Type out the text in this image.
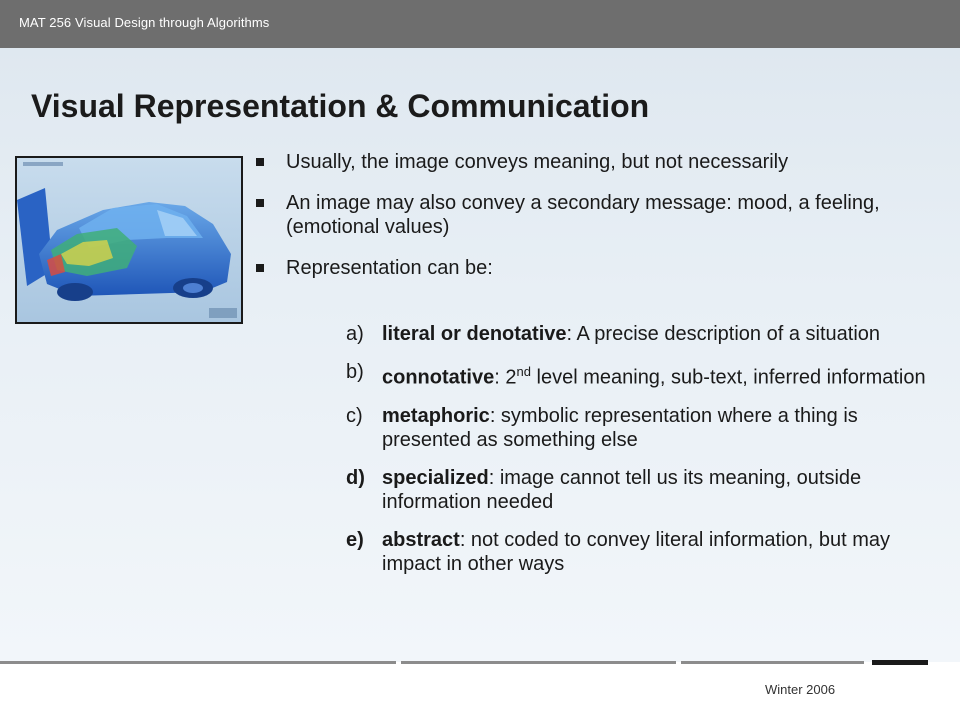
MAT 256 Visual Design through Algorithms
Visual Representation & Communication
Usually, the image conveys meaning, but not necessarily
An image may also convey a secondary message: mood, a feeling, (emotional values)
Representation can be:
a) literal or denotative: A precise description of a situation
b) connotative: 2nd level meaning, sub-text, inferred information
c) metaphoric: symbolic representation where a thing is presented as something else
d) specialized: image cannot tell us its meaning, outside information needed
e) abstract: not coded to convey literal information, but may impact in other ways
Winter 2006
